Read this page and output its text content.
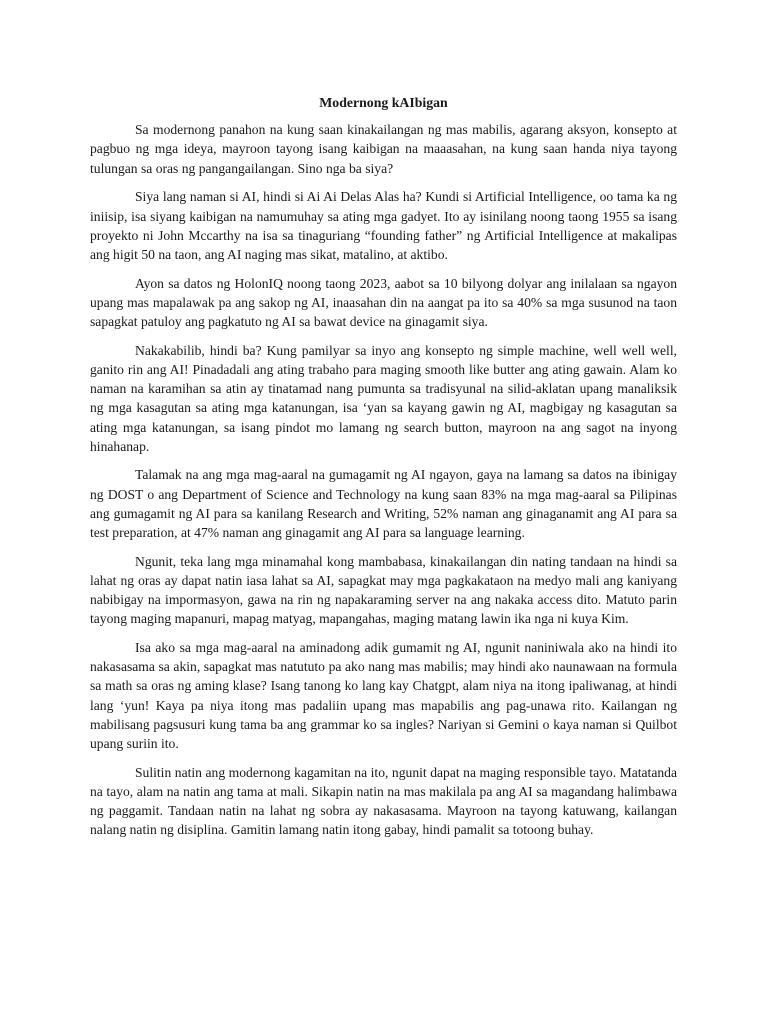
Modernong kAIbigan

Sa modernong panahon na kung saan kinakailangan ng mas mabilis, agarang aksyon, konsepto at pagbuo ng mga ideya, mayroon tayong isang kaibigan na maaasahan, na kung saan handa niya tayong tulungan sa oras ng pangangailangan. Sino nga ba siya?

Siya lang naman si AI, hindi si Ai Ai Delas Alas ha? Kundi si Artificial Intelligence, oo tama ka ng iniisip, isa siyang kaibigan na namumuhay sa ating mga gadyet. Ito ay isinilang noong taong 1955 sa isang proyekto ni John Mccarthy na isa sa tinaguriang “founding father” ng Artificial Intelligence at makalipas ang higit 50 na taon, ang AI naging mas sikat, matalino, at aktibo.

Ayon sa datos ng HolonIQ noong taong 2023, aabot sa 10 bilyong dolyar ang inilalaan sa ngayon upang mas mapalawak pa ang sakop ng AI, inaasahan din na aangat pa ito sa 40% sa mga susunod na taon sapagkat patuloy ang pagkatuto ng AI sa bawat device na ginagamit siya.

Nakakabilib, hindi ba? Kung pamilyar sa inyo ang konsepto ng simple machine, well well well, ganito rin ang AI! Pinadadali ang ating trabaho para maging smooth like butter ang ating gawain. Alam ko naman na karamihan sa atin ay tinatamad nang pumunta sa tradisyunal na silid-aklatan upang manaliksik ng mga kasagutan sa ating mga katanungan, isa ‘yan sa kayang gawin ng AI, magbigay ng kasagutan sa ating mga katanungan, sa isang pindot mo lamang ng search button, mayroon na ang sagot na inyong hinahanap.

Talamak na ang mga mag-aaral na gumagamit ng AI ngayon, gaya na lamang sa datos na ibinigay ng DOST o ang Department of Science and Technology na kung saan 83% na mga mag-aaral sa Pilipinas ang gumagamit ng AI para sa kanilang Research and Writing, 52% naman ang ginaganamit ang AI para sa test preparation, at 47% naman ang ginagamit ang AI para sa language learning.

Ngunit, teka lang mga minamahal kong mambabasa, kinakailangan din nating tandaan na hindi sa lahat ng oras ay dapat natin iasa lahat sa AI, sapagkat may mga pagkakataon na medyo mali ang kaniyang nabibigay na impormasyon, gawa na rin ng napakaraming server na ang nakaka access dito. Matuto parin tayong maging mapanuri, mapag matyag, mapangahas, maging matang lawin ika nga ni kuya Kim.

Isa ako sa mga mag-aaral na aminadong adik gumamit ng AI, ngunit naniniwala ako na hindi ito nakasasama sa akin, sapagkat mas natututo pa ako nang mas mabilis; may hindi ako naunawaan na formula sa math sa oras ng aming klase? Isang tanong ko lang kay Chatgpt, alam niya na itong ipaliwanag, at hindi lang ‘yun! Kaya pa niya itong mas padaliin upang mas mapabilis ang pag-unawa rito. Kailangan ng mabilisang pagsusuri kung tama ba ang grammar ko sa ingles? Nariyan si Gemini o kaya naman si Quilbot upang suriin ito.

Sulitin natin ang modernong kagamitan na ito, ngunit dapat na maging responsible tayo. Matatanda na tayo, alam na natin ang tama at mali. Sikapin natin na mas makilala pa ang AI sa magandang halimbawa ng paggamit. Tandaan natin na lahat ng sobra ay nakasasama. Mayroon na tayong katuwang, kailangan nalang natin ng disiplina. Gamitin lamang natin itong gabay, hindi pamalit sa totoong buhay.
